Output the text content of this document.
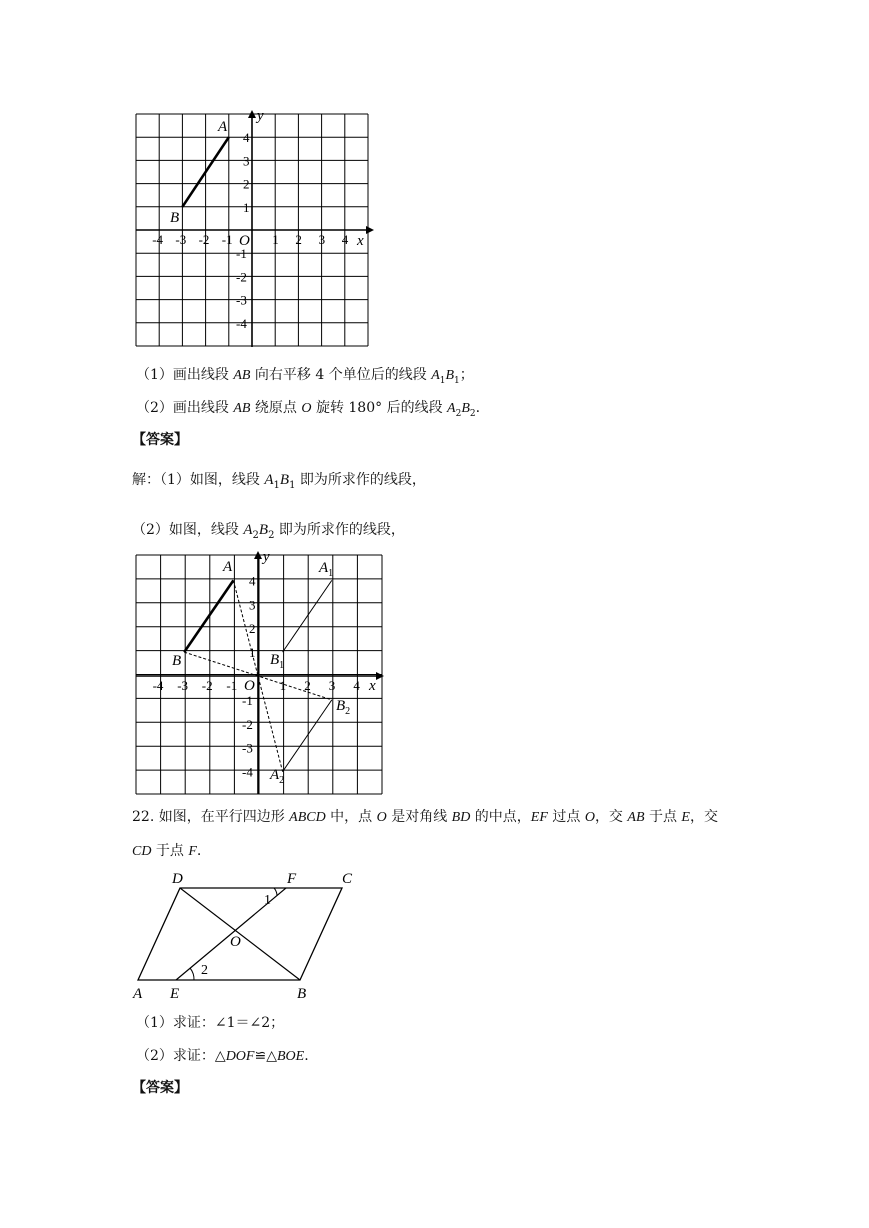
-4 -3 -2 -1	1 2 3 4
4
3
2
1
-1
-2
-3
-4
A
B
y
x
O
（1）画出线段 AB 向右平移 4 个单位后的线段 $A_1B_1$；
（2）画出线段 AB 绕原点 O 旋转 180° 后的线段 $A_2B_2$.
【答案】
解：（1）如图，线段 $A_1B_1$ 即为所求作的线段，
（2）如图，线段 $A_2B_2$ 即为所求作的线段，
-4 -3 -2 -1	1 2 3 4
4
3
2
1
-1
-2
-3
-4
A
B
$A_1$
$B_1$
$B_2$
$A_2$
y
x
O
22. 如图，在平行四边形 ABCD 中，点 O 是对角线 BD 的中点，EF 过点 O，交 AB 于点 E，交
CD 于点 F.
D	F	C
A E	B
O
1
2
（1）求证：∠1＝∠2；
（2）求证：△DOF≌△BOE.
【答案】
